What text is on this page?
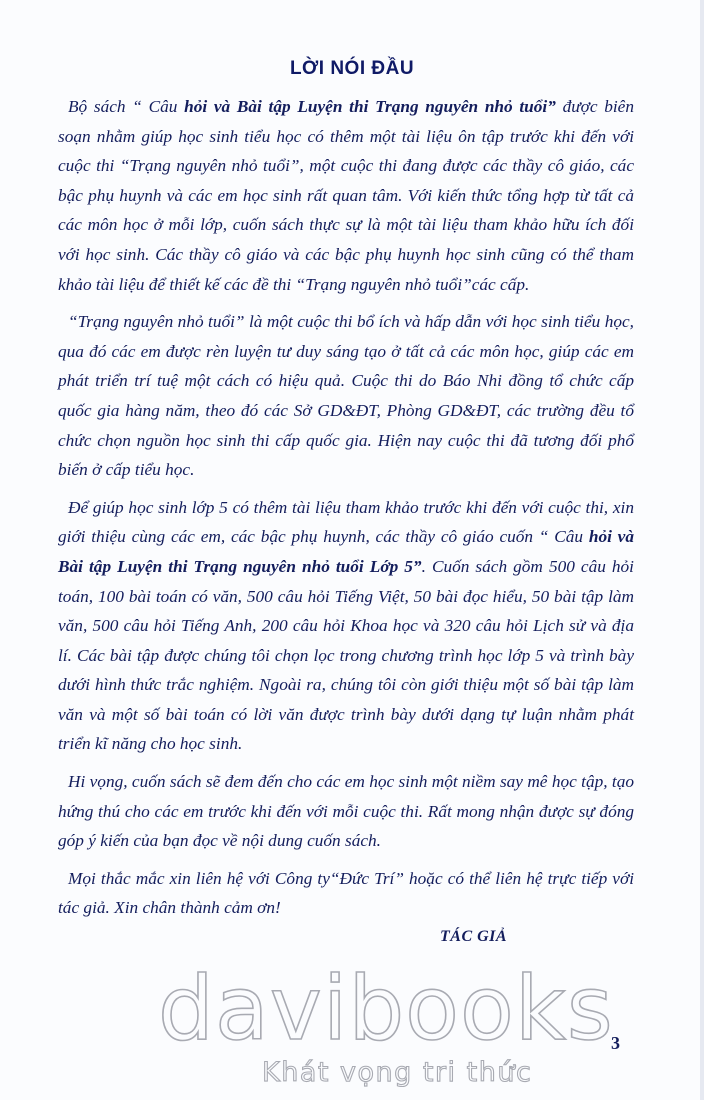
LỜI NÓI ĐẦU

Bộ sách “ Câu hỏi và Bài tập Luyện thi Trạng nguyên nhỏ tuổi” được biên soạn nhằm giúp học sinh tiểu học có thêm một tài liệu ôn tập trước khi đến với cuộc thi “Trạng nguyên nhỏ tuổi”, một cuộc thi đang được các thầy cô giáo, các bậc phụ huynh và các em học sinh rất quan tâm. Với kiến thức tổng hợp từ tất cả các môn học ở mỗi lớp, cuốn sách thực sự là một tài liệu tham khảo hữu ích đối với học sinh. Các thầy cô giáo và các bậc phụ huynh học sinh cũng có thể tham khảo tài liệu để thiết kế các đề thi “Trạng nguyên nhỏ tuổi”các cấp.

“Trạng nguyên nhỏ tuổi” là một cuộc thi bổ ích và hấp dẫn với học sinh tiểu học, qua đó các em được rèn luyện tư duy sáng tạo ở tất cả các môn học, giúp các em phát triển trí tuệ một cách có hiệu quả. Cuộc thi do Báo Nhi đồng tổ chức cấp quốc gia hàng năm, theo đó các Sở GD&ĐT, Phòng GD&ĐT, các trường đều tổ chức chọn nguồn học sinh thi cấp quốc gia. Hiện nay cuộc thi đã tương đối phổ biến ở cấp tiểu học.

Để giúp học sinh lớp 5 có thêm tài liệu tham khảo trước khi đến với cuộc thi, xin giới thiệu cùng các em, các bậc phụ huynh, các thầy cô giáo cuốn “ Câu hỏi và Bài tập Luyện thi Trạng nguyên nhỏ tuổi Lớp 5”. Cuốn sách gồm 500 câu hỏi toán, 100 bài toán có văn, 500 câu hỏi Tiếng Việt, 50 bài đọc hiểu, 50 bài tập làm văn, 500 câu hỏi Tiếng Anh, 200 câu hỏi Khoa học và 320 câu hỏi Lịch sử và địa lí. Các bài tập được chúng tôi chọn lọc trong chương trình học lớp 5 và trình bày dưới hình thức trắc nghiệm. Ngoài ra, chúng tôi còn giới thiệu một số bài tập làm văn và một số bài toán có lời văn được trình bày dưới dạng tự luận nhằm phát triển kĩ năng cho học sinh.

Hi vọng, cuốn sách sẽ đem đến cho các em học sinh một niềm say mê học tập, tạo hứng thú cho các em trước khi đến với mỗi cuộc thi. Rất mong nhận được sự đóng góp ý kiến của bạn đọc về nội dung cuốn sách.

Mọi thắc mắc xin liên hệ với Công ty“Đức Trí” hoặc có thể liên hệ trực tiếp với tác giả. Xin chân thành cảm ơn!

TÁC GIẢ
davibooks
Khát vọng tri thức
3
